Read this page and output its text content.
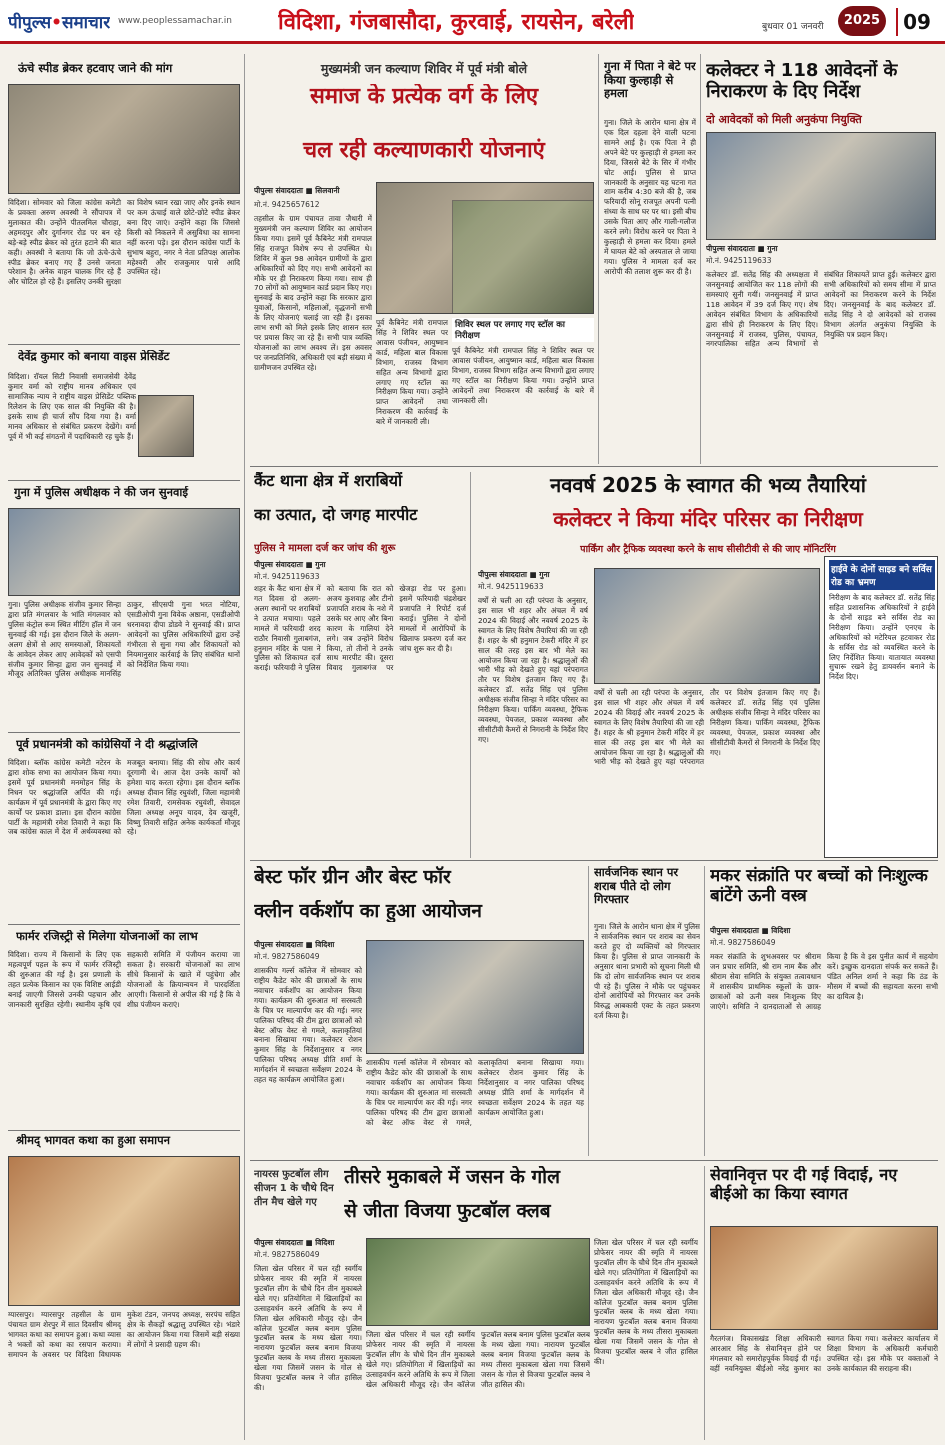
पीपुल्स•समाचार www.peoplessamachar.in विदिशा, गंजबासौदा, कुरवाई, रायसेन, बरेली	बुधवार 01 जनवरी	2025	09
ऊंचे स्पीड ब्रेकर हटवाए जाने की मांग
विदिशा। सोमवार को जिला कांग्रेस कमेटी के प्रवक्ता अरुण अवस्थी ने सौंपापत्र में मुलाकात की। उन्होंने पीतलमिल चौराहा, अहमदपुर और दुर्गानगर रोड पर बन रहे बड़े-बड़े स्पीड ब्रेकर को तुरंत हटाने की बात कही। अवस्थी ने बताया कि जो ऊंचे-ऊंचे स्पीड ब्रेकर बनाए गए हैं उनसे जनता परेशान है। अनेक वाहन चालक गिर रहे हैं और चोटिल हो रहे हैं। इसलिए उनकी सुरक्षा का विशेष ध्यान रखा जाए और इनके स्थान पर कम ऊंचाई वाले छोटे-छोटे स्पीड ब्रेकर बना दिए जाएं। उन्होंने कहा कि जिससे किसी को निकलने में असुविधा का सामना नहीं करना पड़े। इस दौरान कांग्रेस पार्टी के सुभाष बहुरा, नगर ने नेता प्रतिपक्ष आलोक महेश्वरी और राजकुमार पासे आदि उपस्थित रहे।
देवेंद्र कुमार को बनाया वाइस प्रेसिडेंट
विदिशा। रॉयल सिटी निवासी समाजसेवी देवेंद्र कुमार वर्मा को राष्ट्रीय मानव अधिकार एवं सामाजिक न्याय ने राष्ट्रीय वाइस प्रेसिडेंट पब्लिक रिलेशन के लिए एक साल की नियुक्ति की है। इसके साथ ही चार्ज सौंप दिया गया है। वर्मा मानव अधिकार से संबंधित प्रकरण देखेंगे। वर्मा पूर्व में भी कई संगठनों में पदाधिकारी रह चुके हैं।
गुना में पुलिस अधीक्षक ने की जन सुनवाई
गुना। पुलिस अधीक्षक संजीव कुमार सिन्हा द्वारा प्रति मंगलवार के भांति मंगलवार को पुलिस कंट्रोल रूम स्थित मीटिंग हॉल में जन सुनवाई की गई। इस दौरान जिले के अलग-अलग क्षेत्रों से आए समस्याओं, शिकायतों के आवेदन लेकर आए आवेदकों को एसपी संजीव कुमार सिन्हा द्वारा जन सुनवाई में मौजूद अतिरिक्त पुलिस अधीक्षक मानसिंह ठाकुर, सीएसपी गुना भरत नोटिया, एसडीओपी गुना विवेक अष्ठाना, एसडीओपी धरनावदा दीपा डोडवे ने सुनवाई की। प्राप्त आवेदनों का पुलिस अधिकारियों द्वारा उन्हें गंभीरता से सुना गया और शिकायतों को नियमानुसार कार्रवाई के लिए संबंधित थानों को निर्देशित किया गया।
पूर्व प्रधानमंत्री को कांग्रेसियों ने दी श्रद्धांजलि
विदिशा। ब्लॉक कांग्रेस कमेटी नटेरन के द्वारा शोक सभा का आयोजन किया गया। इसमें पूर्व प्रधानमंत्री मनमोहन सिंह के निधन पर श्रद्धांजलि अर्पित की गई। कार्यक्रम में पूर्व प्रधानमंत्री के द्वारा किए गए कार्यों पर प्रकाश डाला। इस दौरान कांग्रेस पार्टी के महामंत्री रमेश तिवारी ने कहा कि जब कांग्रेस काल में देश में अर्थव्यवस्था को मजबूत बनाया। सिंह की सोच और कार्य दूरगामी थे। आज देश उनके कार्यों को हमेशा याद करता रहेगा। इस दौरान ब्लॉक अध्यक्ष दीवान सिंह रघुवंशी, जिला महामंत्री रमेश तिवारी, रामसेवक रघुवंशी, सेवादल जिला अध्यक्ष अनूप यादव, देव खजूरी, विष्णु तिवारी सहित अनेक कार्यकर्ता मौजूद रहे।
फार्मर रजिस्ट्री से मिलेगा योजनाओं का लाभ
विदिशा। राज्य में किसानों के लिए एक महत्वपूर्ण पहल के रूप में फार्मर रजिस्ट्री की शुरुआत की गई है। इस प्रणाली के तहत प्रत्येक किसान का एक विशिष्ट आईडी बनाई जाएगी जिससे उनकी पहचान और जानकारी सुरक्षित रहेगी। स्थानीय कृषि एवं सहकारी समिति में पंजीयन कराया जा सकता है। सरकारी योजनाओं का लाभ सीधे किसानों के खाते में पहुंचेगा और योजनाओं के क्रियान्वयन में पारदर्शिता आएगी। किसानों से अपील की गई है कि वे शीघ्र पंजीयन कराएं।
श्रीमद् भागवत कथा का हुआ समापन
ग्यारसपुर। ग्यारसपुर तहसील के ग्राम पंचायत ग्राम शेरपुर में सात दिवसीय श्रीमद् भागवत कथा का समापन हुआ। कथा व्यास ने भक्तों को कथा का रसपान कराया। समापन के अवसर पर विदिशा विधायक मुकेश टंडन, जनपद अध्यक्ष, सरपंच सहित क्षेत्र के सैकड़ों श्रद्धालु उपस्थित रहे। भंडारे का आयोजन किया गया जिसमें बड़ी संख्या में लोगों ने प्रसादी ग्रहण की।
मुख्यमंत्री जन कल्याण शिविर में पूर्व मंत्री बोले
समाज के प्रत्येक वर्ग के लिए
चल रही कल्याणकारी योजनाएं
पीपुल्स संवाददाता ■ सिलवानी
मो.नं. 9425657612
शिविर स्थल पर लगाए गए स्टॉल का निरीक्षण
पूर्व कैबिनेट मंत्री रामपाल सिंह ने शिविर स्थल पर आवास पंजीयन, आयुष्मान कार्ड, महिला बाल विकास विभाग, राजस्व विभाग सहित अन्य विभागों द्वारा लगाए गए स्टॉल का निरीक्षण किया गया। उन्होंने प्राप्त आवेदनों तथा निराकरण की कार्रवाई के बारे में जानकारी ली।
तहसील के ग्राम पंचायत तावा जैथारी में मुख्यमंत्री जन कल्याण शिविर का आयोजन किया गया। इसमें पूर्व कैबिनेट मंत्री रामपाल सिंह राजपूत विशेष रूप से उपस्थित थे। शिविर में कुल 98 आवेदन ग्रामीणों के द्वारा अधिकारियों को दिए गए। सभी आवेदनों का मौके पर ही निराकरण किया गया। साथ ही 70 लोगों को आयुष्मान कार्ड प्रदान किए गए। सुनवाई के बाद उन्होंने कहा कि सरकार द्वारा युवाओं, किसानों, महिलाओं, वृद्धजनों सभी के लिए योजनाएं चलाई जा रही हैं। इसका लाभ सभी को मिले इसके लिए शासन स्तर पर प्रयास किए जा रहे हैं। सभी पात्र व्यक्ति योजनाओं का लाभ अवश्य लें। इस अवसर पर जनप्रतिनिधि, अधिकारी एवं बड़ी संख्या में ग्रामीणजन उपस्थित रहे।
पूर्व कैबिनेट मंत्री रामपाल सिंह ने शिविर स्थल पर आवास पंजीयन, आयुष्मान कार्ड, महिला बाल विकास विभाग, राजस्व विभाग सहित अन्य विभागों द्वारा लगाए गए स्टॉल का निरीक्षण किया गया। उन्होंने प्राप्त आवेदनों तथा निराकरण की कार्रवाई के बारे में जानकारी ली।
गुना में पिता ने बेटे पर किया कुल्हाड़ी से हमला
गुना। जिले के आरोन थाना क्षेत्र में एक दिल दहला देने वाली घटना सामने आई है। एक पिता ने ही अपने बेटे पर कुल्हाड़ी से हमला कर दिया, जिससे बेटे के सिर में गंभीर चोट आई। पुलिस से प्राप्त जानकारी के अनुसार यह घटना गत शाम करीब 4:30 बजे की है, जब फरियादी सोनू राजपूत अपनी पत्नी संध्या के साथ घर पर था। इसी बीच उसके पिता आए और गाली-गलौज करने लगे। विरोध करने पर पिता ने कुल्हाड़ी से हमला कर दिया। हमले में घायल बेटे को अस्पताल ले जाया गया। पुलिस ने मामला दर्ज कर आरोपी की तलाश शुरू कर दी है।
कलेक्टर ने 118 आवेदनों के निराकरण के दिए निर्देश
दो आवेदकों को मिली अनुकंपा नियुक्ति
पीपुल्स संवाददाता ■ गुना
मो.नं. 9425119633
कलेक्टर डॉ. सतेंद्र सिंह की अध्यक्षता में जनसुनवाई आयोजित कर 118 लोगों की समस्याएं सुनी गयीं। जनसुनवाई में प्राप्त 118 आवेदन में 39 दर्ज किए गए। शेष आवेदन संबंधित विभाग के अधिकारियों द्वारा सीधे ही निराकरण के लिए दिए। जनसुनवाई में राजस्व, पुलिस, पंचायत, नगरपालिका सहित अन्य विभागों से संबंधित शिकायतें प्राप्त हुईं। कलेक्टर द्वारा सभी अधिकारियों को समय सीमा में प्राप्त आवेदनों का निराकरण करने के निर्देश दिए। जनसुनवाई के बाद कलेक्टर डॉ. सतेंद्र सिंह ने दो आवेदकों को राजस्व विभाग अंतर्गत अनुकंपा नियुक्ति के नियुक्ति पत्र प्रदान किए।
कैंट थाना क्षेत्र में शराबियों
का उत्पात, दो जगह मारपीट
पुलिस ने मामला दर्ज कर जांच की शुरू
पीपुल्स संवाददाता ■ गुना
मो.नं. 9425119633
शहर के कैंट थाना क्षेत्र में गत दिवस दो अलग-अलग स्थानों पर शराबियों ने उत्पात मचाया। पहले मामले में फरियादी शरद राठौर निवासी गुलाबगंज, हनुमान मंदिर के पास ने पुलिस को शिकायत दर्ज कराई। फरियादी ने पुलिस को बताया कि रात को अजय कुशवाह और टीनो प्रजापति शराब के नशे में उसके घर आए और बिना कारण के गालियां देने लगे। जब उन्होंने विरोध किया, तो तीनों ने उनके साथ मारपीट की। दूसरा विवाद गुलाबगंज पर खेजड़ा रोड पर हुआ। इसमें फरियादी चंद्रशेखर प्रजापति ने रिपोर्ट दर्ज कराई। पुलिस ने दोनों मामलों में आरोपियों के खिलाफ प्रकरण दर्ज कर जांच शुरू कर दी है।
नववर्ष 2025 के स्वागत की भव्य तैयारियां
कलेक्टर ने किया मंदिर परिसर का निरीक्षण
पार्किंग और ट्रैफिक व्यवस्था करने के साथ सीसीटीवी से की जाए मॉनिटरिंग
पीपुल्स संवाददाता ■ गुना
मो.नं. 9425119633
वर्षों से चली आ रही परंपरा के अनुसार, इस साल भी शहर और अंचल में वर्ष 2024 की विदाई और नववर्ष 2025 के स्वागत के लिए विशेष तैयारियां की जा रही हैं। शहर के श्री हनुमान टेकरी मंदिर में हर साल की तरह इस बार भी मेले का आयोजन किया जा रहा है। श्रद्धालुओं की भारी भीड़ को देखते हुए यहां परंपरागत तौर पर विशेष इंतजाम किए गए हैं। कलेक्टर डॉ. सतेंद्र सिंह एवं पुलिस अधीक्षक संजीव सिन्हा ने मंदिर परिसर का निरीक्षण किया। पार्किंग व्यवस्था, ट्रैफिक व्यवस्था, पेयजल, प्रकाश व्यवस्था और सीसीटीवी कैमरों से निगरानी के निर्देश दिए गए।
वर्षों से चली आ रही परंपरा के अनुसार, इस साल भी शहर और अंचल में वर्ष 2024 की विदाई और नववर्ष 2025 के स्वागत के लिए विशेष तैयारियां की जा रही हैं। शहर के श्री हनुमान टेकरी मंदिर में हर साल की तरह इस बार भी मेले का आयोजन किया जा रहा है। श्रद्धालुओं की भारी भीड़ को देखते हुए यहां परंपरागत तौर पर विशेष इंतजाम किए गए हैं। कलेक्टर डॉ. सतेंद्र सिंह एवं पुलिस अधीक्षक संजीव सिन्हा ने मंदिर परिसर का निरीक्षण किया। पार्किंग व्यवस्था, ट्रैफिक व्यवस्था, पेयजल, प्रकाश व्यवस्था और सीसीटीवी कैमरों से निगरानी के निर्देश दिए गए।
हाईवे के दोनों साइड बने सर्विस रोड का भ्रमण
निरीक्षण के बाद कलेक्टर डॉ. सतेंद्र सिंह सहित प्रशासनिक अधिकारियों ने हाईवे के दोनों साइड बने सर्विस रोड का निरीक्षण किया। उन्होंने एनएच के अधिकारियों को मटेरियल हटवाकर रोड के सर्विस रोड को व्यवस्थित करने के लिए निर्देशित किया। यातायात व्यवस्था सुचारू रखने हेतु डायवर्सन बनाने के निर्देश दिए।
बेस्ट फॉर ग्रीन और बेस्ट फॉर
क्लीन वर्कशॉप का हुआ आयोजन
पीपुल्स संवाददाता ■ विदिशा
मो.नं. 9827586049
शासकीय गर्ल्स कॉलेज में सोमवार को राष्ट्रीय कैडेट कोर की छात्राओं के साथ नवाचार वर्कशॉप का आयोजन किया गया। कार्यक्रम की शुरुआत मां सरस्वती के चित्र पर माल्यार्पण कर की गई। नगर पालिका परिषद की टीम द्वारा छात्राओं को बेस्ट ऑफ वेस्ट से गमले, कलाकृतियां बनाना सिखाया गया। कलेक्टर रोशन कुमार सिंह के निर्देशानुसार व नगर पालिका परिषद अध्यक्ष प्रीति शर्मा के मार्गदर्शन में स्वच्छता सर्वेक्षण 2024 के तहत यह कार्यक्रम आयोजित हुआ।
शासकीय गर्ल्स कॉलेज में सोमवार को राष्ट्रीय कैडेट कोर की छात्राओं के साथ नवाचार वर्कशॉप का आयोजन किया गया। कार्यक्रम की शुरुआत मां सरस्वती के चित्र पर माल्यार्पण कर की गई। नगर पालिका परिषद की टीम द्वारा छात्राओं को बेस्ट ऑफ वेस्ट से गमले, कलाकृतियां बनाना सिखाया गया। कलेक्टर रोशन कुमार सिंह के निर्देशानुसार व नगर पालिका परिषद अध्यक्ष प्रीति शर्मा के मार्गदर्शन में स्वच्छता सर्वेक्षण 2024 के तहत यह कार्यक्रम आयोजित हुआ।
सार्वजनिक स्थान पर शराब पीते दो लोग गिरफ्तार
गुना। जिले के आरोन थाना क्षेत्र में पुलिस ने सार्वजनिक स्थान पर शराब का सेवन करते हुए दो व्यक्तियों को गिरफ्तार किया है। पुलिस से प्राप्त जानकारी के अनुसार थाना प्रभारी को सूचना मिली थी कि दो लोग सार्वजनिक स्थान पर शराब पी रहे हैं। पुलिस ने मौके पर पहुंचकर दोनों आरोपियों को गिरफ्तार कर उनके विरुद्ध आबकारी एक्ट के तहत प्रकरण दर्ज किया है।
मकर संक्रांति पर बच्चों को निःशुल्क बांटेंगे ऊनी वस्त्र
पीपुल्स संवाददाता ■ विदिशा
मो.नं. 9827586049
मकर संक्रांति के शुभअवसर पर श्रीराम जन प्रचार समिति, श्री राम नाम बैंक और श्रीराम सेवा समिति के संयुक्त तत्वावधान में शासकीय प्राथमिक स्कूलों के छात्र-छात्राओं को ऊनी वस्त्र निःशुल्क दिए जाएंगे। समिति ने दानदाताओं से आग्रह किया है कि वे इस पुनीत कार्य में सहयोग करें। इच्छुक दानदाता संपर्क कर सकते हैं। पंडित अनिल शर्मा ने कहा कि ठंड के मौसम में बच्चों की सहायता करना सभी का दायित्व है।
नायरस फुटबॉल लीग सीजन 1 के चौथे दिन तीन मैच खेले गए
तीसरे मुकाबले में जसन के गोल
से जीता विजया फुटबॉल क्लब
पीपुल्स संवाददाता ■ विदिशा
मो.नं. 9827586049
जिला खेल परिसर में चल रही स्वर्गीय प्रोफेसर नायर की स्मृति में नायरस फुटबॉल लीग के चौथे दिन तीन मुकाबले खेले गए। प्रतियोगिता में खिलाड़ियों का उत्साहवर्धन करने अतिथि के रूप में जिला खेल अधिकारी मौजूद रहे। जैन कॉलेज फुटबॉल क्लब बनाम पुलिस फुटबॉल क्लब के मध्य खेला गया। नारायण फुटबॉल क्लब बनाम विजया फुटबॉल क्लब के मध्य तीसरा मुकाबला खेला गया जिसमें जसन के गोल से विजया फुटबॉल क्लब ने जीत हासिल की।
जिला खेल परिसर में चल रही स्वर्गीय प्रोफेसर नायर की स्मृति में नायरस फुटबॉल लीग के चौथे दिन तीन मुकाबले खेले गए। प्रतियोगिता में खिलाड़ियों का उत्साहवर्धन करने अतिथि के रूप में जिला खेल अधिकारी मौजूद रहे। जैन कॉलेज फुटबॉल क्लब बनाम पुलिस फुटबॉल क्लब के मध्य खेला गया। नारायण फुटबॉल क्लब बनाम विजया फुटबॉल क्लब के मध्य तीसरा मुकाबला खेला गया जिसमें जसन के गोल से विजया फुटबॉल क्लब ने जीत हासिल की।
जिला खेल परिसर में चल रही स्वर्गीय प्रोफेसर नायर की स्मृति में नायरस फुटबॉल लीग के चौथे दिन तीन मुकाबले खेले गए। प्रतियोगिता में खिलाड़ियों का उत्साहवर्धन करने अतिथि के रूप में जिला खेल अधिकारी मौजूद रहे। जैन कॉलेज फुटबॉल क्लब बनाम पुलिस फुटबॉल क्लब के मध्य खेला गया। नारायण फुटबॉल क्लब बनाम विजया फुटबॉल क्लब के मध्य तीसरा मुकाबला खेला गया जिसमें जसन के गोल से विजया फुटबॉल क्लब ने जीत हासिल की।
सेवानिवृत्त पर दी गई विदाई, नए बीईओ का किया स्वागत
गैरतगंज। विकासखंड शिक्षा अधिकारी आरआर सिंह के सेवानिवृत्त होने पर मंगलवार को समारोहपूर्वक विदाई दी गई। वहीं नवनियुक्त बीईओ नरेंद्र कुमार का स्वागत किया गया। कलेक्टर कार्यालय में शिक्षा विभाग के अधिकारी कर्मचारी उपस्थित रहे। इस मौके पर वक्ताओं ने उनके कार्यकाल की सराहना की।
